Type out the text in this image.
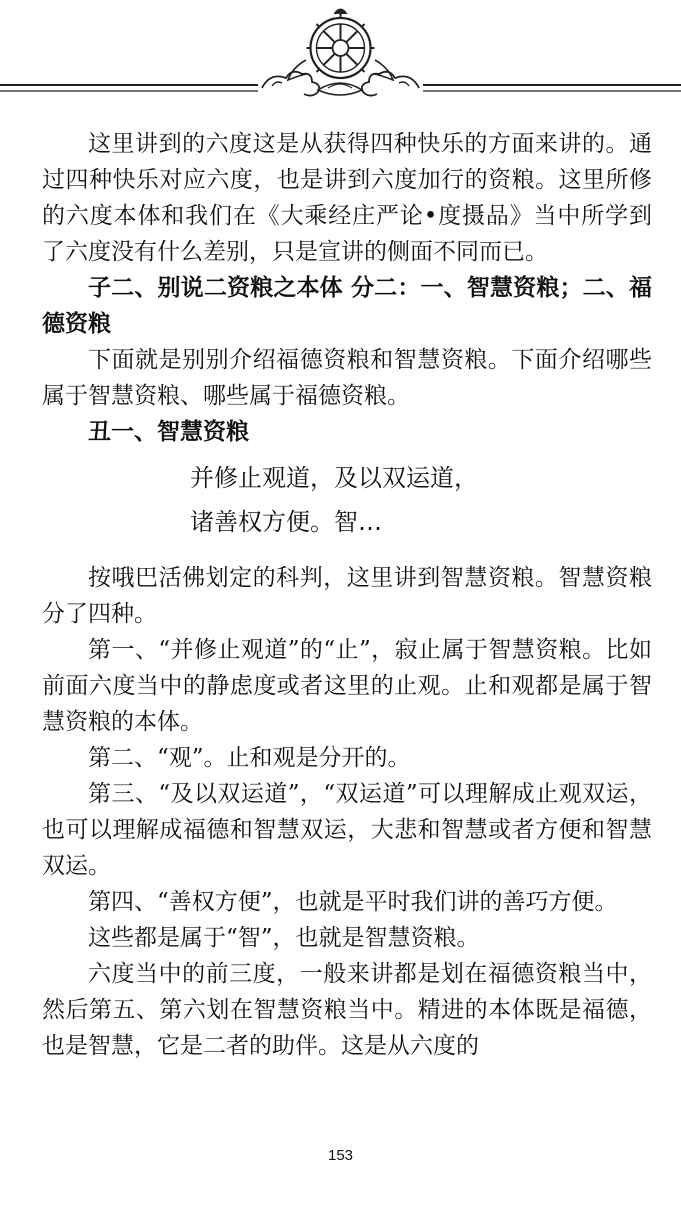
这里讲到的六度这是从获得四种快乐的方面来讲的。通过四种快乐对应六度，也是讲到六度加行的资粮。这里所修的六度本体和我们在《大乘经庄严论•度摄品》当中所学到了六度没有什么差别，只是宣讲的侧面不同而已。

子二、别说二资粮之本体 分二：一、智慧资粮；二、福德资粮

下面就是别别介绍福德资粮和智慧资粮。下面介绍哪些属于智慧资粮、哪些属于福德资粮。

丑一、智慧资粮

并修止观道，及以双运道，

诸善权方便。智…

按哦巴活佛划定的科判，这里讲到智慧资粮。智慧资粮分了四种。

第一、“并修止观道”的“止”，寂止属于智慧资粮。比如前面六度当中的静虑度或者这里的止观。止和观都是属于智慧资粮的本体。

第二、“观”。止和观是分开的。

第三、“及以双运道”，“双运道”可以理解成止观双运，也可以理解成福德和智慧双运，大悲和智慧或者方便和智慧双运。

第四、“善权方便”，也就是平时我们讲的善巧方便。

这些都是属于“智”，也就是智慧资粮。

六度当中的前三度，一般来讲都是划在福德资粮当中，然后第五、第六划在智慧资粮当中。精进的本体既是福德，也是智慧，它是二者的助伴。这是从六度的

153
